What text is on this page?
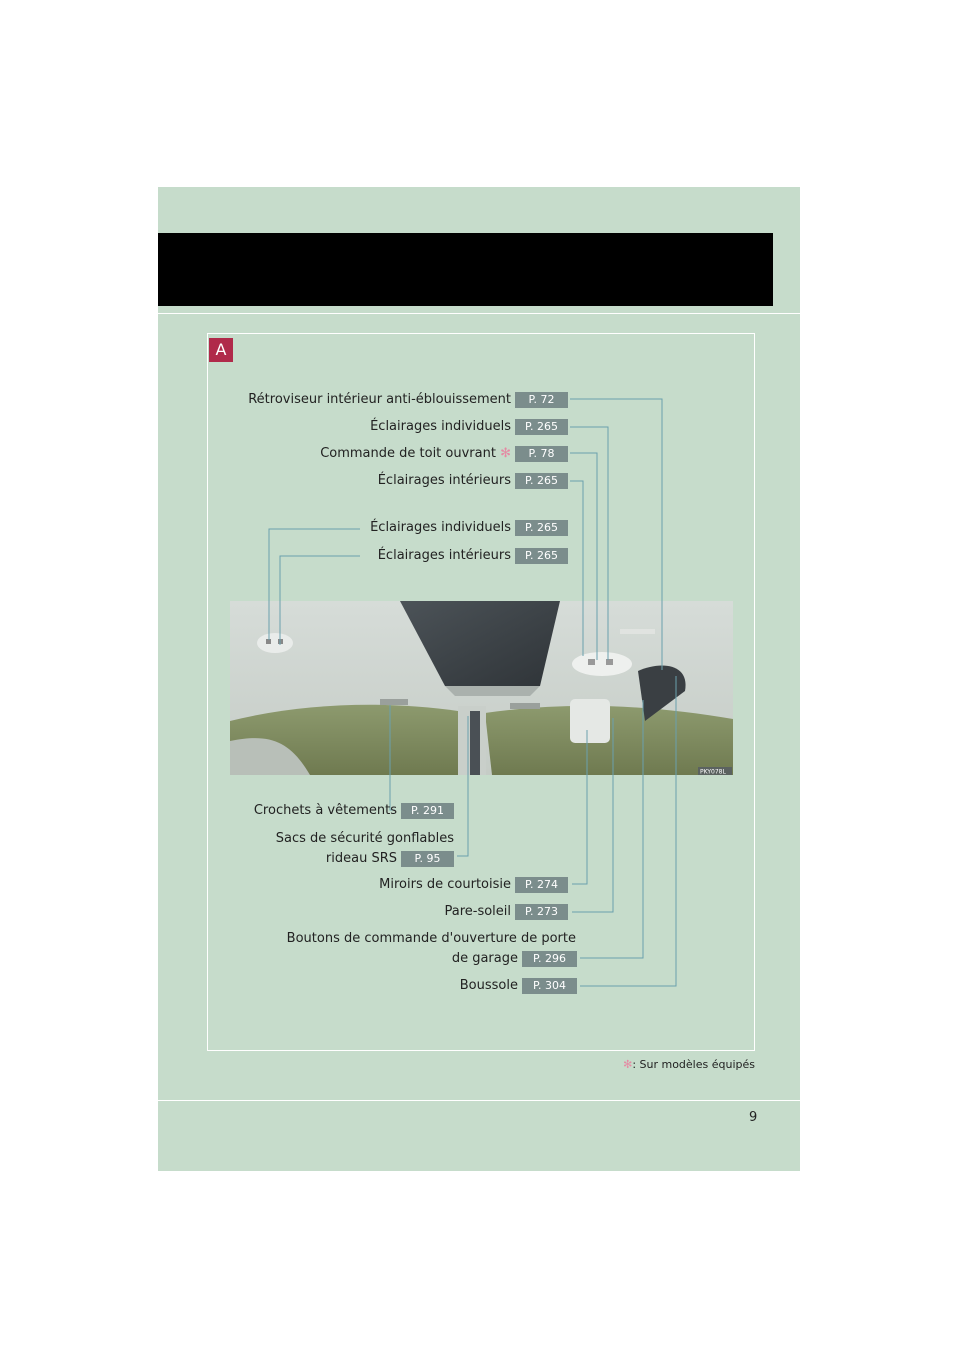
A
Rétroviseur intérieur anti-éblouissement	P. 72
Éclairages individuels	P. 265
Commande de toit ouvrant ✻	P. 78
Éclairages intérieurs	P. 265
Éclairages individuels	P. 265
Éclairages intérieurs	P. 265
PKY078L
Crochets à vêtements	P. 291
Sacs de sécurité gonflables
rideau SRS	P. 95
Miroirs de courtoisie	P. 274
Pare-soleil	P. 273
Boutons de commande d'ouverture de porte
de garage	P. 296
Boussole	P. 304
✻: Sur modèles équipés
9
